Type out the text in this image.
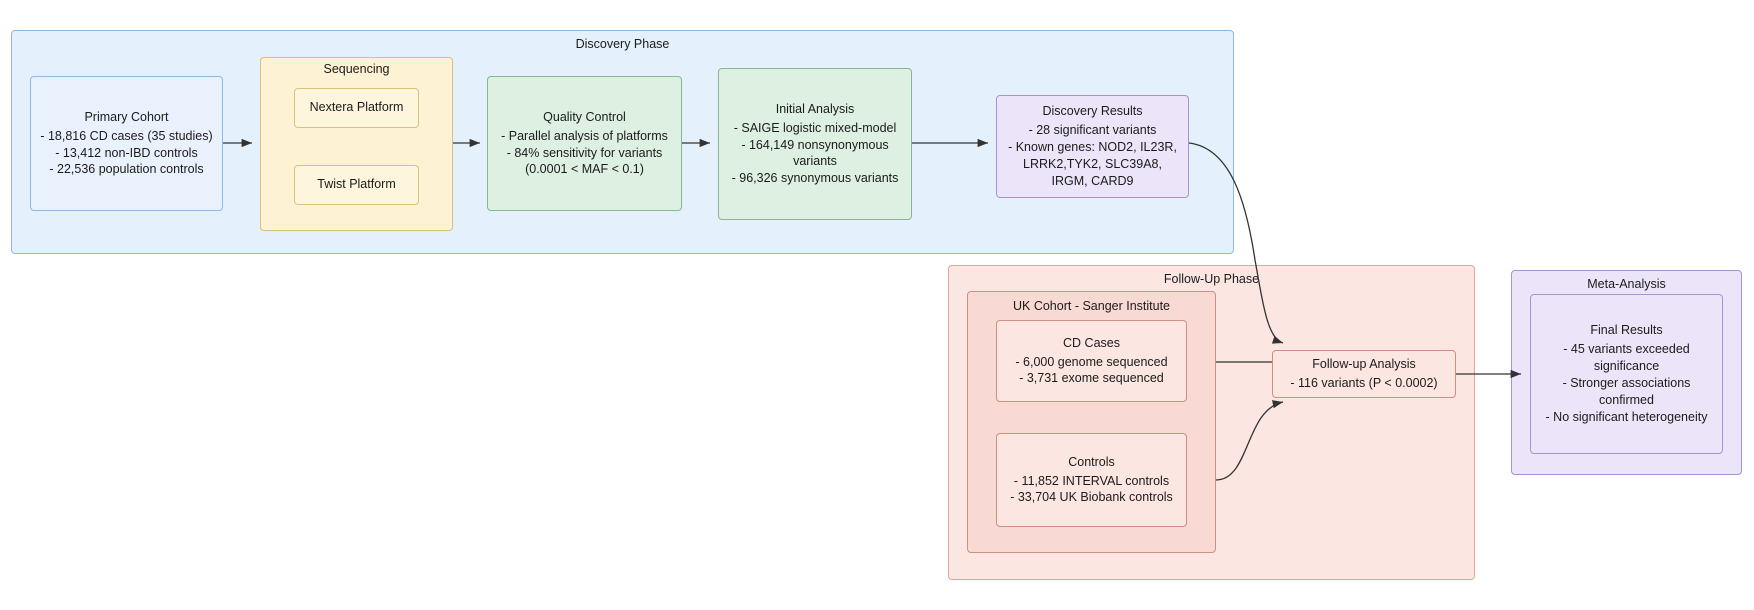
Discovery Phase
Sequencing
Follow-Up Phase
UK Cohort - Sanger Institute
Meta-Analysis
Primary Cohort
- 18,816 CD cases (35 studies)
- 13,412 non-IBD controls
- 22,536 population controls
Nextera Platform
Twist Platform
Quality Control
- Parallel analysis of platforms
- 84% sensitivity for variants (0.0001 < MAF < 0.1)
Initial Analysis
- SAIGE logistic mixed-model
- 164,149 nonsynonymous variants
- 96,326 synonymous variants
Discovery Results
- 28 significant variants
- Known genes: NOD2, IL23R, LRRK2,TYK2, SLC39A8, IRGM, CARD9
CD Cases
- 6,000 genome sequenced
- 3,731 exome sequenced
Controls
- 11,852 INTERVAL controls
- 33,704 UK Biobank controls
Follow-up Analysis
- 116 variants (P < 0.0002)
Final Results
- 45 variants exceeded significance
- Stronger associations confirmed
- No significant heterogeneity
